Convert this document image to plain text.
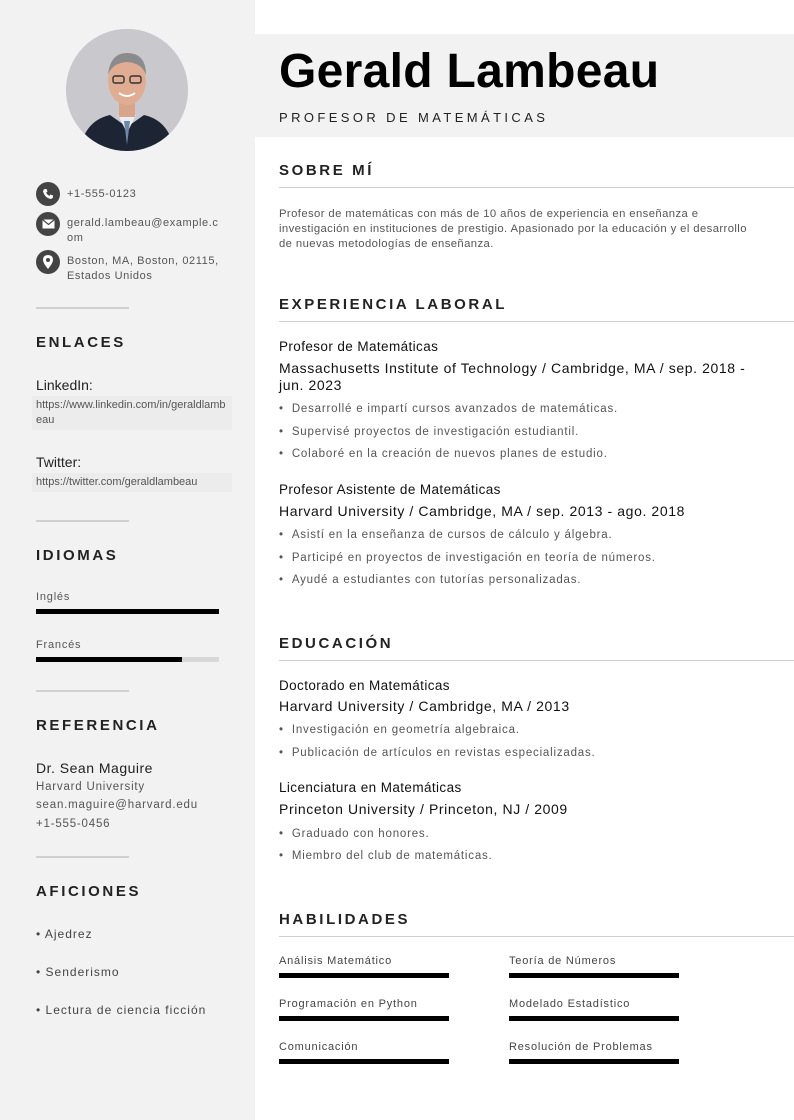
+1-555-0123
gerald.lambeau@example.com
Boston, MA, Boston, 02115, Estados Unidos
ENLACES
LinkedIn:
https://www.linkedin.com/in/geraldlambeau
Twitter:
https://twitter.com/geraldlambeau
IDIOMAS
Inglés
Francés
REFERENCIA
Dr. Sean Maguire
Harvard University
sean.maguire@harvard.edu
+1-555-0456
AFICIONES
• Ajedrez
• Senderismo
• Lectura de ciencia ficción
Gerald Lambeau
PROFESOR DE MATEMÁTICAS
SOBRE MÍ
Profesor de matemáticas con más de 10 años de experiencia en enseñanza e investigación en instituciones de prestigio. Apasionado por la educación y el desarrollo de nuevas metodologías de enseñanza.
EXPERIENCIA LABORAL
Profesor de Matemáticas
Massachusetts Institute of Technology / Cambridge, MA / sep. 2018 - jun. 2023
• Desarrollé e impartí cursos avanzados de matemáticas.
• Supervisé proyectos de investigación estudiantil.
• Colaboré en la creación de nuevos planes de estudio.
Profesor Asistente de Matemáticas
Harvard University / Cambridge, MA / sep. 2013 - ago. 2018
• Asistí en la enseñanza de cursos de cálculo y álgebra.
• Participé en proyectos de investigación en teoría de números.
• Ayudé a estudiantes con tutorías personalizadas.
EDUCACIÓN
Doctorado en Matemáticas
Harvard University / Cambridge, MA / 2013
• Investigación en geometría algebraica.
• Publicación de artículos en revistas especializadas.
Licenciatura en Matemáticas
Princeton University / Princeton, NJ / 2009
• Graduado con honores.
• Miembro del club de matemáticas.
HABILIDADES
Análisis Matemático	Teoría de Números
Programación en Python	Modelado Estadístico
Comunicación	Resolución de Problemas
